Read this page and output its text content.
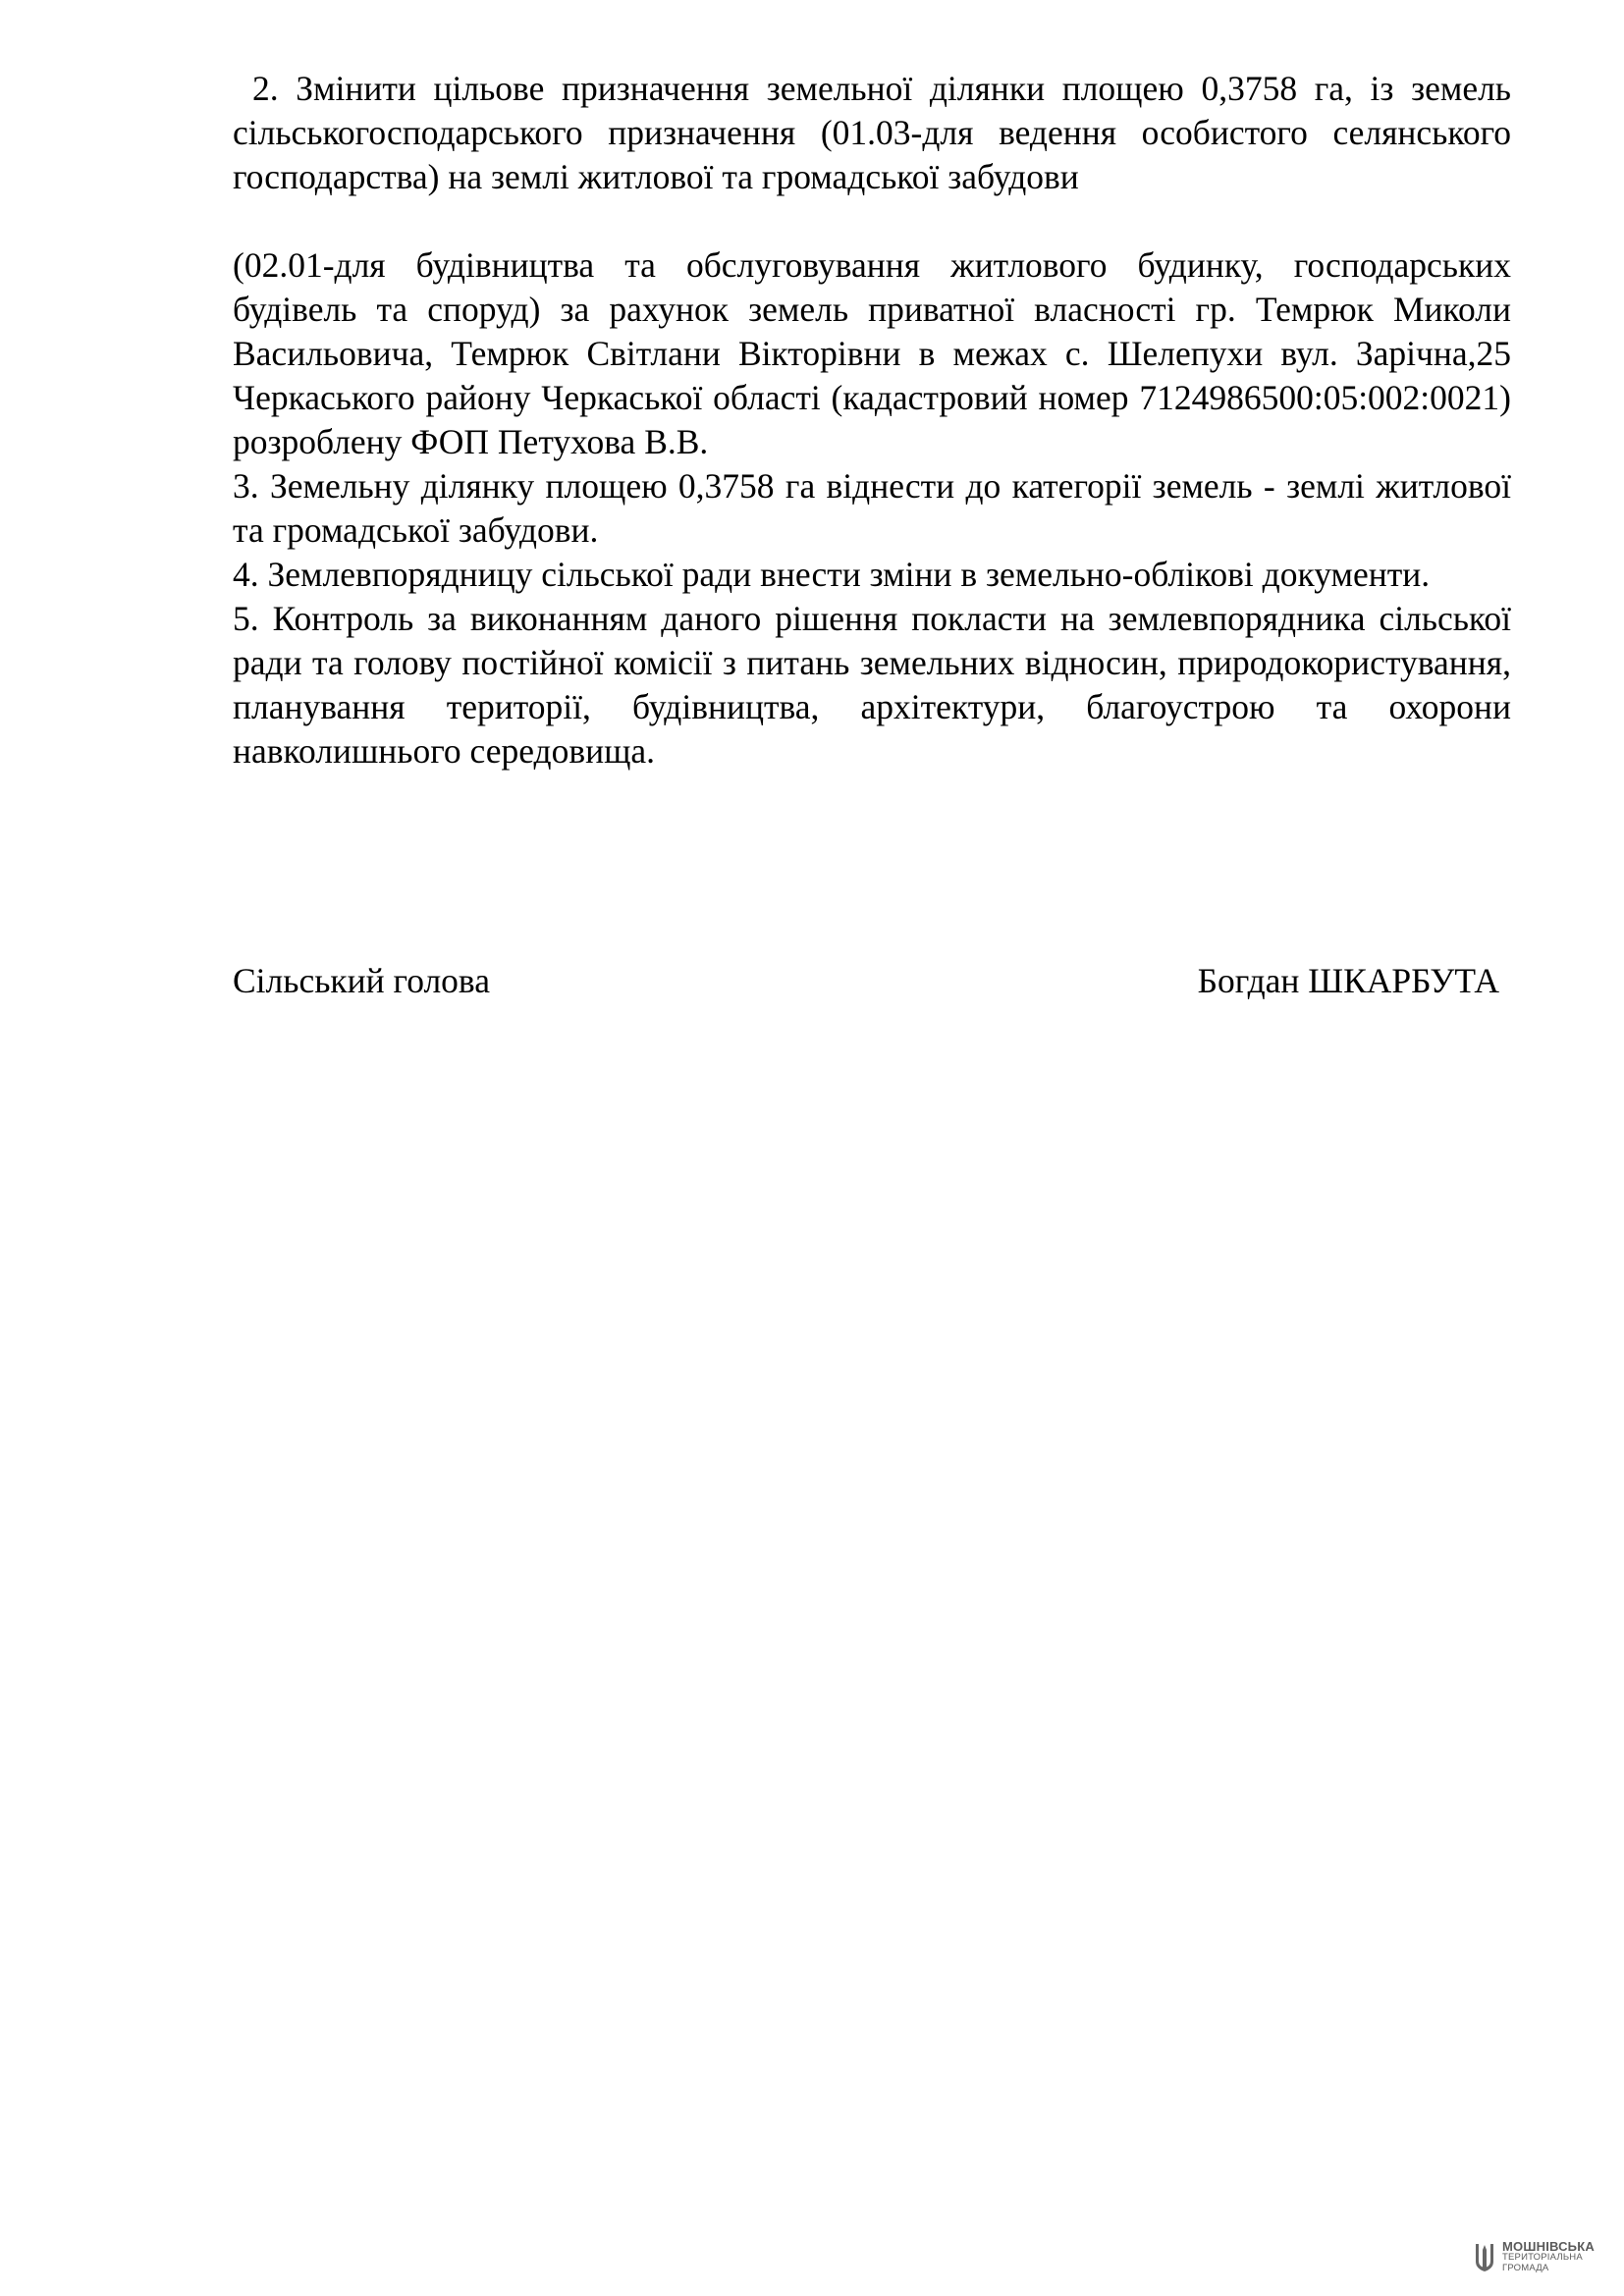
2. Змінити цільове призначення земельної ділянки площею 0,3758 га, із земель сільськогосподарського призначення (01.03-для ведення особистого селянського господарства) на землі житлової та громадської забудови

(02.01-для будівництва та обслуговування житлового будинку, господарських будівель та споруд) за рахунок земель приватної власності гр. Темрюк Миколи Васильовича, Темрюк Світлани Вікторівни в межах с. Шелепухи вул. Зарічна,25 Черкаського району Черкаської області (кадастровий номер 7124986500:05:002:0021) розроблену ФОП Петухова В.В.

3. Земельну ділянку площею 0,3758 га віднести до категорії земель - землі житлової та громадської забудови.

4. Землевпорядницу сільської ради внести зміни в земельно-облікові документи.

5. Контроль за виконанням даного рішення покласти на землевпорядника сільської ради та голову постійної комісії з питань земельних відносин, природокористування, планування території, будівництва, архітектури, благоустрою та охорони навколишнього середовища.

Сільський голова	Богдан ШКАРБУТА
МОШНІВСЬКА
ТЕРИТОРІАЛЬНА
ГРОМАДА
